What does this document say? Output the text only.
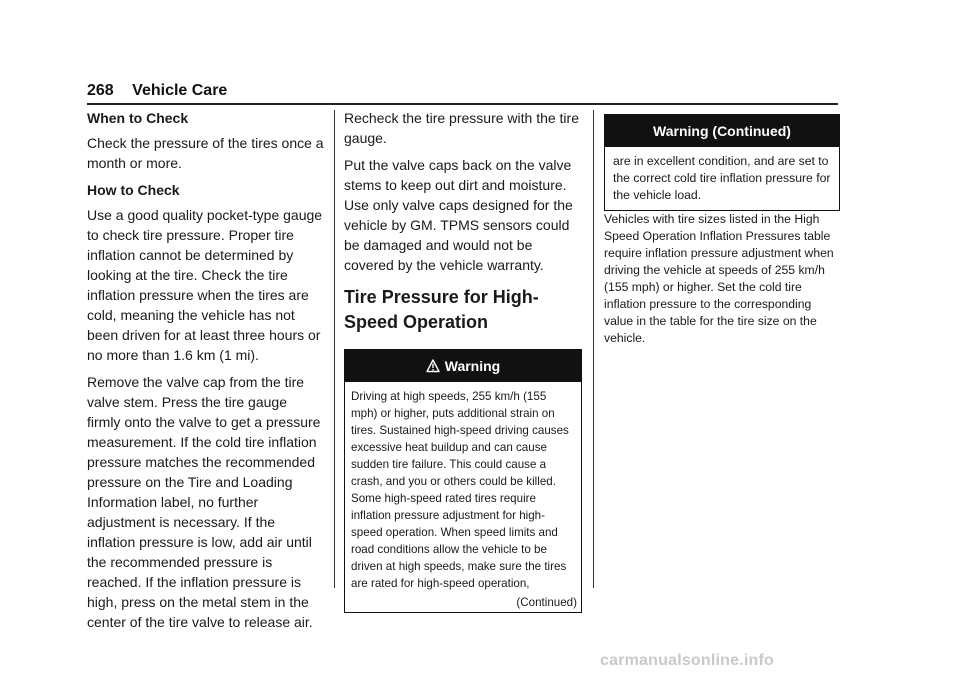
268 Vehicle Care

When to Check

Check the pressure of the tires once a month or more.

How to Check

Use a good quality pocket-type gauge to check tire pressure. Proper tire inflation cannot be determined by looking at the tire. Check the tire inflation pressure when the tires are cold, meaning the vehicle has not been driven for at least three hours or no more than 1.6 km (1 mi).

Remove the valve cap from the tire valve stem. Press the tire gauge firmly onto the valve to get a pressure measurement. If the cold tire inflation pressure matches the recommended pressure on the Tire and Loading Information label, no further adjustment is necessary. If the inflation pressure is low, add air until the recommended pressure is reached. If the inflation pressure is high, press on the metal stem in the center of the tire valve to release air.

Recheck the tire pressure with the tire gauge.

Put the valve caps back on the valve stems to keep out dirt and moisture. Use only valve caps designed for the vehicle by GM. TPMS sensors could be damaged and would not be covered by the vehicle warranty.

Tire Pressure for High-Speed Operation
Warning

Driving at high speeds, 255 km/h (155 mph) or higher, puts additional strain on tires. Sustained high-speed driving causes excessive heat buildup and can cause sudden tire failure. This could cause a crash, and you or others could be killed. Some high-speed rated tires require inflation pressure adjustment for high-speed operation. When speed limits and road conditions allow the vehicle to be driven at high speeds, make sure the tires are rated for high-speed operation,

(Continued)
Warning (Continued)

are in excellent condition, and are set to the correct cold tire inflation pressure for the vehicle load.

Vehicles with tire sizes listed in the High Speed Operation Inflation Pressures table require inflation pressure adjustment when driving the vehicle at speeds of 255 km/h (155 mph) or higher. Set the cold tire inflation pressure to the corresponding value in the table for the tire size on the vehicle.

carmanualsonline.info
